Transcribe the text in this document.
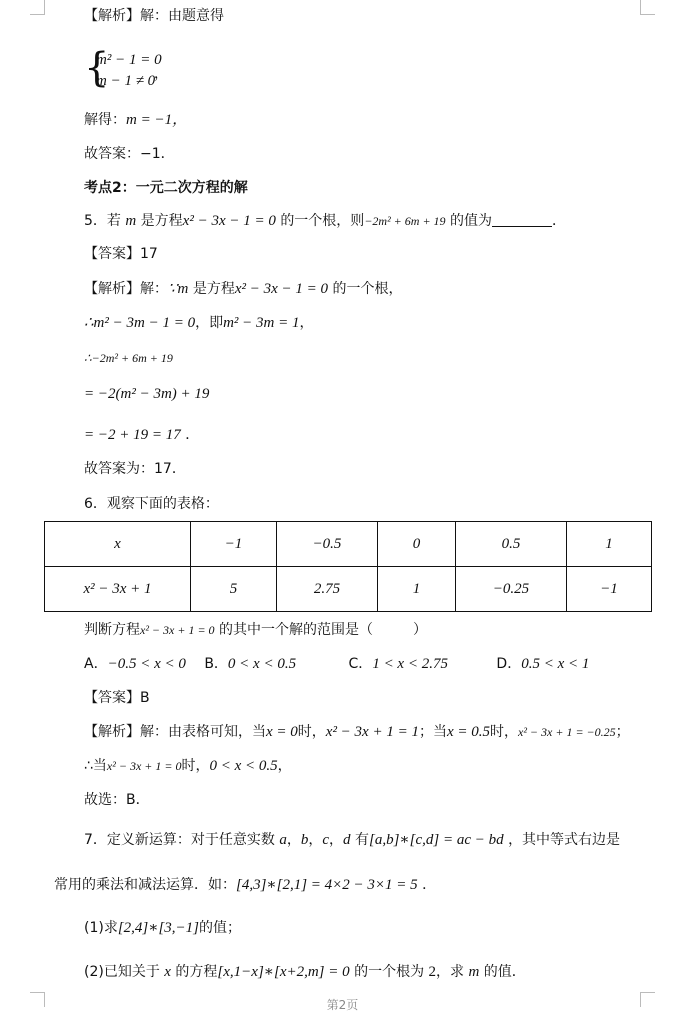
【解析】解：由题意得
{
m² − 1 = 0
m − 1 ≠ 0
，
解得：m = −1，
故答案：−1．
考点2：一元二次方程的解
5．若 m 是方程x² − 3x − 1 = 0 的一个根，则−2m² + 6m + 19 的值为	．
【答案】17
【解析】解：∵m 是方程x² − 3x − 1 = 0 的一个根，
∴m² − 3m − 1 = 0，即m² − 3m = 1，
∴−2m² + 6m + 19
= −2(m² − 3m) + 19
= −2 + 19 = 17 ．
故答案为：17．
6．观察下面的表格：
x	−1	−0.5	0	0.5	1
x² − 3x + 1	5	2.75	1	−0.25	−1
判断方程x² − 3x + 1 = 0 的其中一个解的范围是（	）
A．−0.5 < x < 0 B．0 < x < 0.5	C．1 < x < 2.75	D．0.5 < x < 1
【答案】B
【解析】解：由表格可知，当x = 0时，x² − 3x + 1 = 1；当x = 0.5时，x² − 3x + 1 = −0.25；
∴当x² − 3x + 1 = 0时，0 < x < 0.5，
故选：B．
7．定义新运算：对于任意实数 a，b，c，d 有[a,b]∗[c,d] = ac − bd ，其中等式右边是
常用的乘法和减法运算．如：[4,3]∗[2,1] = 4×2 − 3×1 = 5 ．
(1)求[2,4]∗[3,−1]的值；
(2)已知关于 x 的方程[x,1−x]∗[x+2,m] = 0 的一个根为 2，求 m 的值．
第2页
